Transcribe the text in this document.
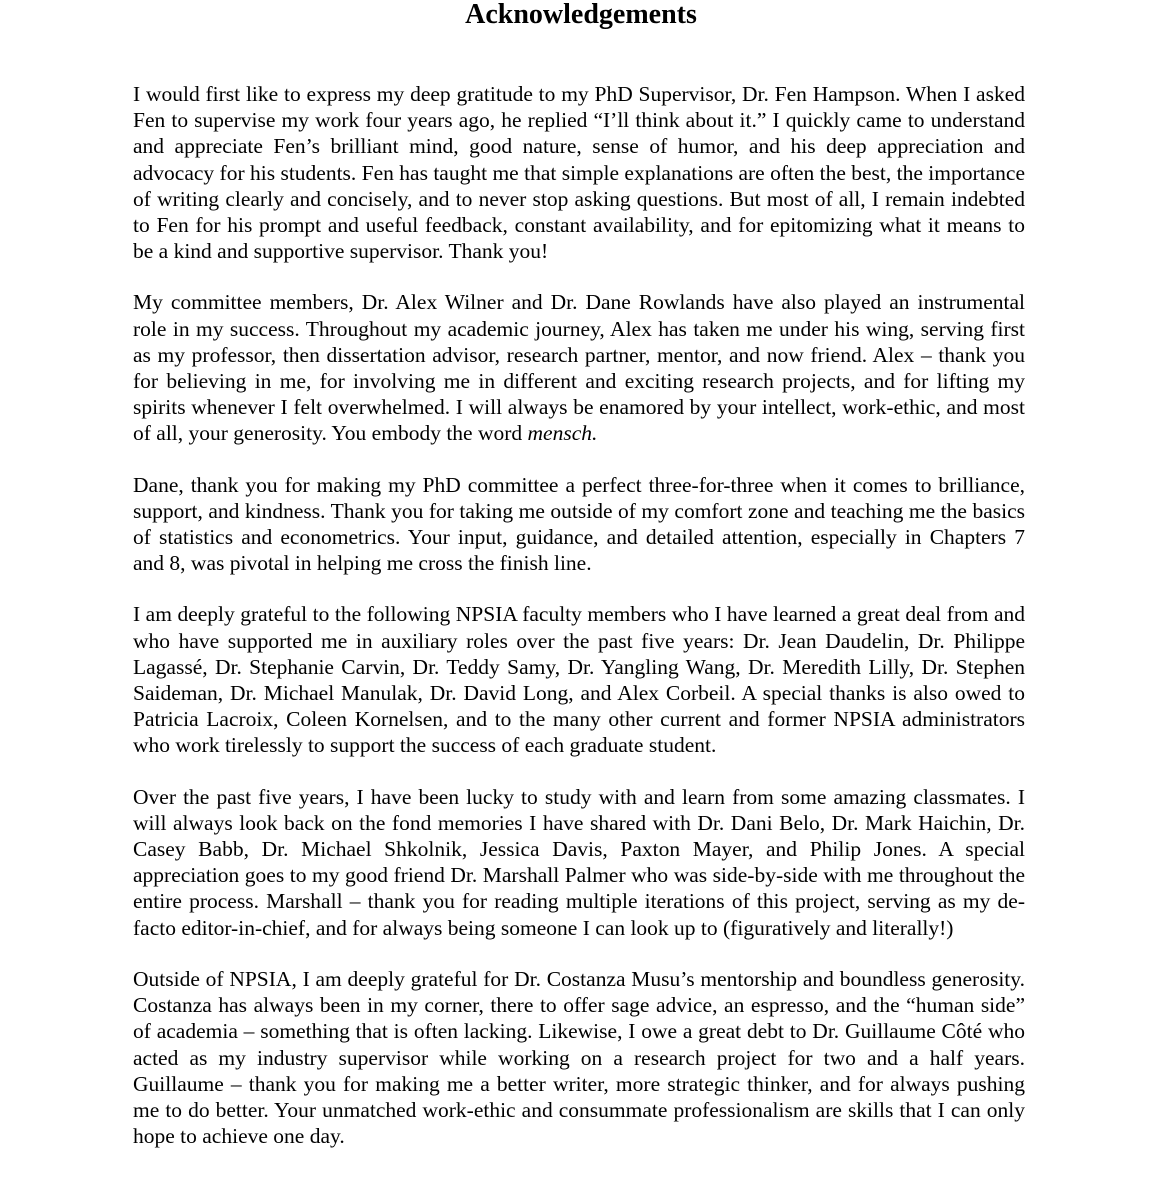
Acknowledgements

I would first like to express my deep gratitude to my PhD Supervisor, Dr. Fen Hampson. When I asked Fen to supervise my work four years ago, he replied “I’ll think about it.” I quickly came to understand and appreciate Fen’s brilliant mind, good nature, sense of humor, and his deep appreciation and advocacy for his students. Fen has taught me that simple explanations are often the best, the importance of writing clearly and concisely, and to never stop asking questions. But most of all, I remain indebted to Fen for his prompt and useful feedback, constant availability, and for epitomizing what it means to be a kind and supportive supervisor. Thank you!

My committee members, Dr. Alex Wilner and Dr. Dane Rowlands have also played an instrumental role in my success. Throughout my academic journey, Alex has taken me under his wing, serving first as my professor, then dissertation advisor, research partner, mentor, and now friend. Alex – thank you for believing in me, for involving me in different and exciting research projects, and for lifting my spirits whenever I felt overwhelmed. I will always be enamored by your intellect, work-ethic, and most of all, your generosity. You embody the word mensch.

Dane, thank you for making my PhD committee a perfect three-for-three when it comes to brilliance, support, and kindness. Thank you for taking me outside of my comfort zone and teaching me the basics of statistics and econometrics. Your input, guidance, and detailed attention, especially in Chapters 7 and 8, was pivotal in helping me cross the finish line.

I am deeply grateful to the following NPSIA faculty members who I have learned a great deal from and who have supported me in auxiliary roles over the past five years: Dr. Jean Daudelin, Dr. Philippe Lagassé, Dr. Stephanie Carvin, Dr. Teddy Samy, Dr. Yangling Wang, Dr. Meredith Lilly, Dr. Stephen Saideman, Dr. Michael Manulak, Dr. David Long, and Alex Corbeil. A special thanks is also owed to Patricia Lacroix, Coleen Kornelsen, and to the many other current and former NPSIA administrators who work tirelessly to support the success of each graduate student.

Over the past five years, I have been lucky to study with and learn from some amazing classmates. I will always look back on the fond memories I have shared with Dr. Dani Belo, Dr. Mark Haichin, Dr. Casey Babb, Dr. Michael Shkolnik, Jessica Davis, Paxton Mayer, and Philip Jones. A special appreciation goes to my good friend Dr. Marshall Palmer who was side-by-side with me throughout the entire process. Marshall – thank you for reading multiple iterations of this project, serving as my de-facto editor-in-chief, and for always being someone I can look up to (figuratively and literally!)

Outside of NPSIA, I am deeply grateful for Dr. Costanza Musu’s mentorship and boundless generosity. Costanza has always been in my corner, there to offer sage advice, an espresso, and the “human side” of academia – something that is often lacking. Likewise, I owe a great debt to Dr. Guillaume Côté who acted as my industry supervisor while working on a research project for two and a half years. Guillaume – thank you for making me a better writer, more strategic thinker, and for always pushing me to do better. Your unmatched work-ethic and consummate professionalism are skills that I can only hope to achieve one day.
